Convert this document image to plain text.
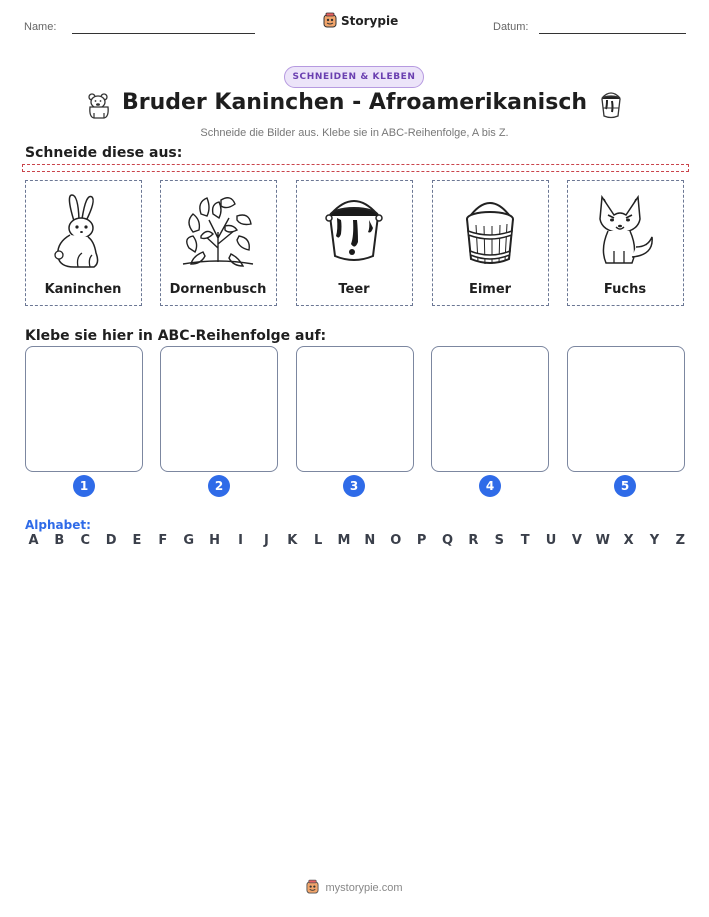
Name:	Storypie	Datum:
SCHNEIDEN & KLEBEN
Bruder Kaninchen - Afroamerikanisch
Schneide die Bilder aus. Klebe sie in ABC-Reihenfolge, A bis Z.
Schneide diese aus:
Kaninchen	Dornenbusch	Teer	Eimer	Fuchs
Klebe sie hier in ABC-Reihenfolge auf:
1	2	3	4	5
Alphabet:
A B C D	E	F	G H	I	J	K	L	M N O P Q R S	T	U V W X Y Z
mystorypie.com
